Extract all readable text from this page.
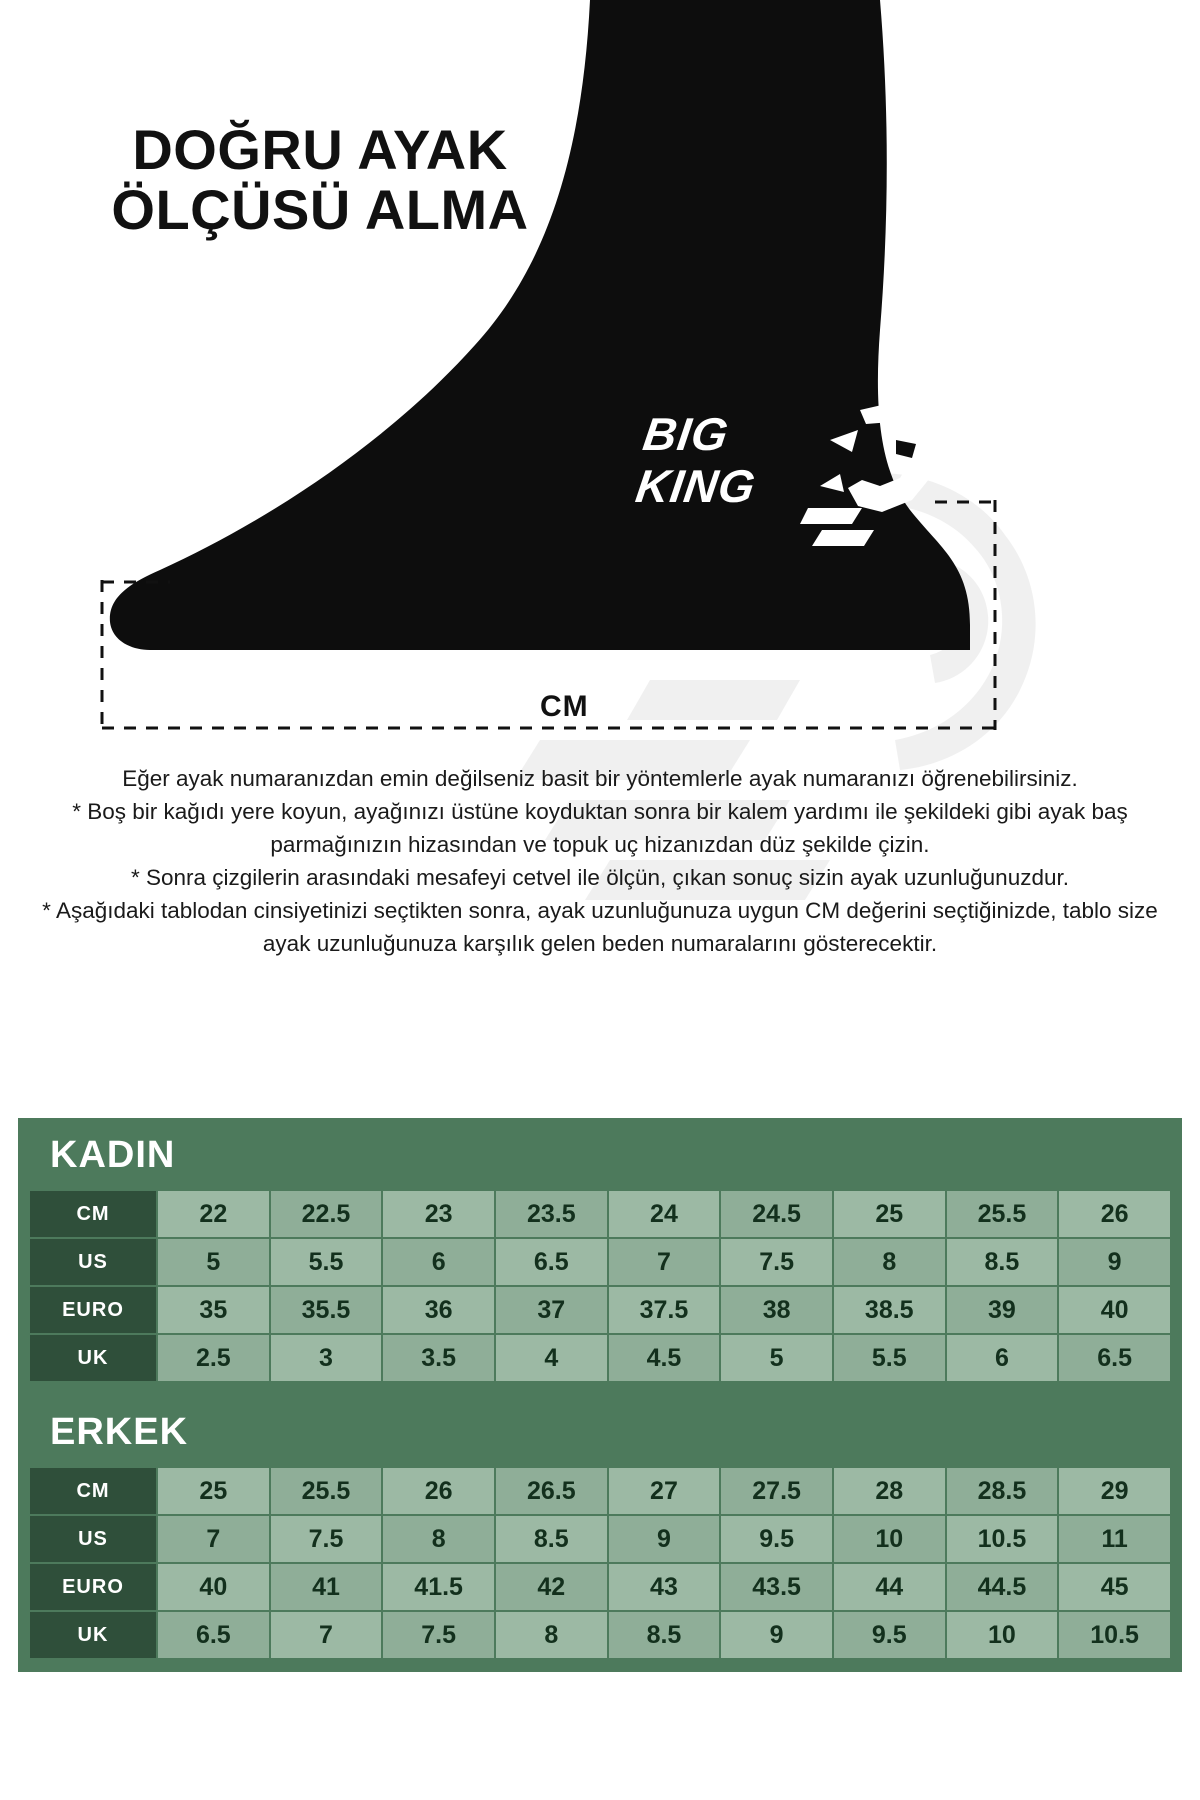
DOĞRU AYAK ÖLÇÜSÜ ALMA
BIG
KING
CM

Eğer ayak numaranızdan emin değilseniz basit bir yöntemlerle ayak numaranızı öğrenebilirsiniz.

* Boş bir kağıdı yere koyun, ayağınızı üstüne koyduktan sonra bir kalem yardımı ile şekildeki gibi ayak baş parmağınızın hizasından ve topuk uç hizanızdan düz şekilde çizin.

* Sonra çizgilerin arasındaki mesafeyi cetvel ile ölçün, çıkan sonuç sizin ayak uzunluğunuzdur.

* Aşağıdaki tablodan cinsiyetinizi seçtikten sonra, ayak uzunluğunuza uygun CM değerini seçtiğinizde, tablo size ayak uzunluğunuza karşılık gelen beden numaralarını gösterecektir.

KADIN
CM	22	22.5	23	23.5	24	24.5	25	25.5	26
US	5	5.5	6	6.5	7	7.5	8	8.5	9
EURO	35	35.5	36	37	37.5	38	38.5	39	40
UK	2.5	3	3.5	4	4.5	5	5.5	6	6.5
ERKEK
CM	25	25.5	26	26.5	27	27.5	28	28.5	29
US	7	7.5	8	8.5	9	9.5	10	10.5	11
EURO	40	41	41.5	42	43	43.5	44	44.5	45
UK	6.5	7	7.5	8	8.5	9	9.5	10	10.5
